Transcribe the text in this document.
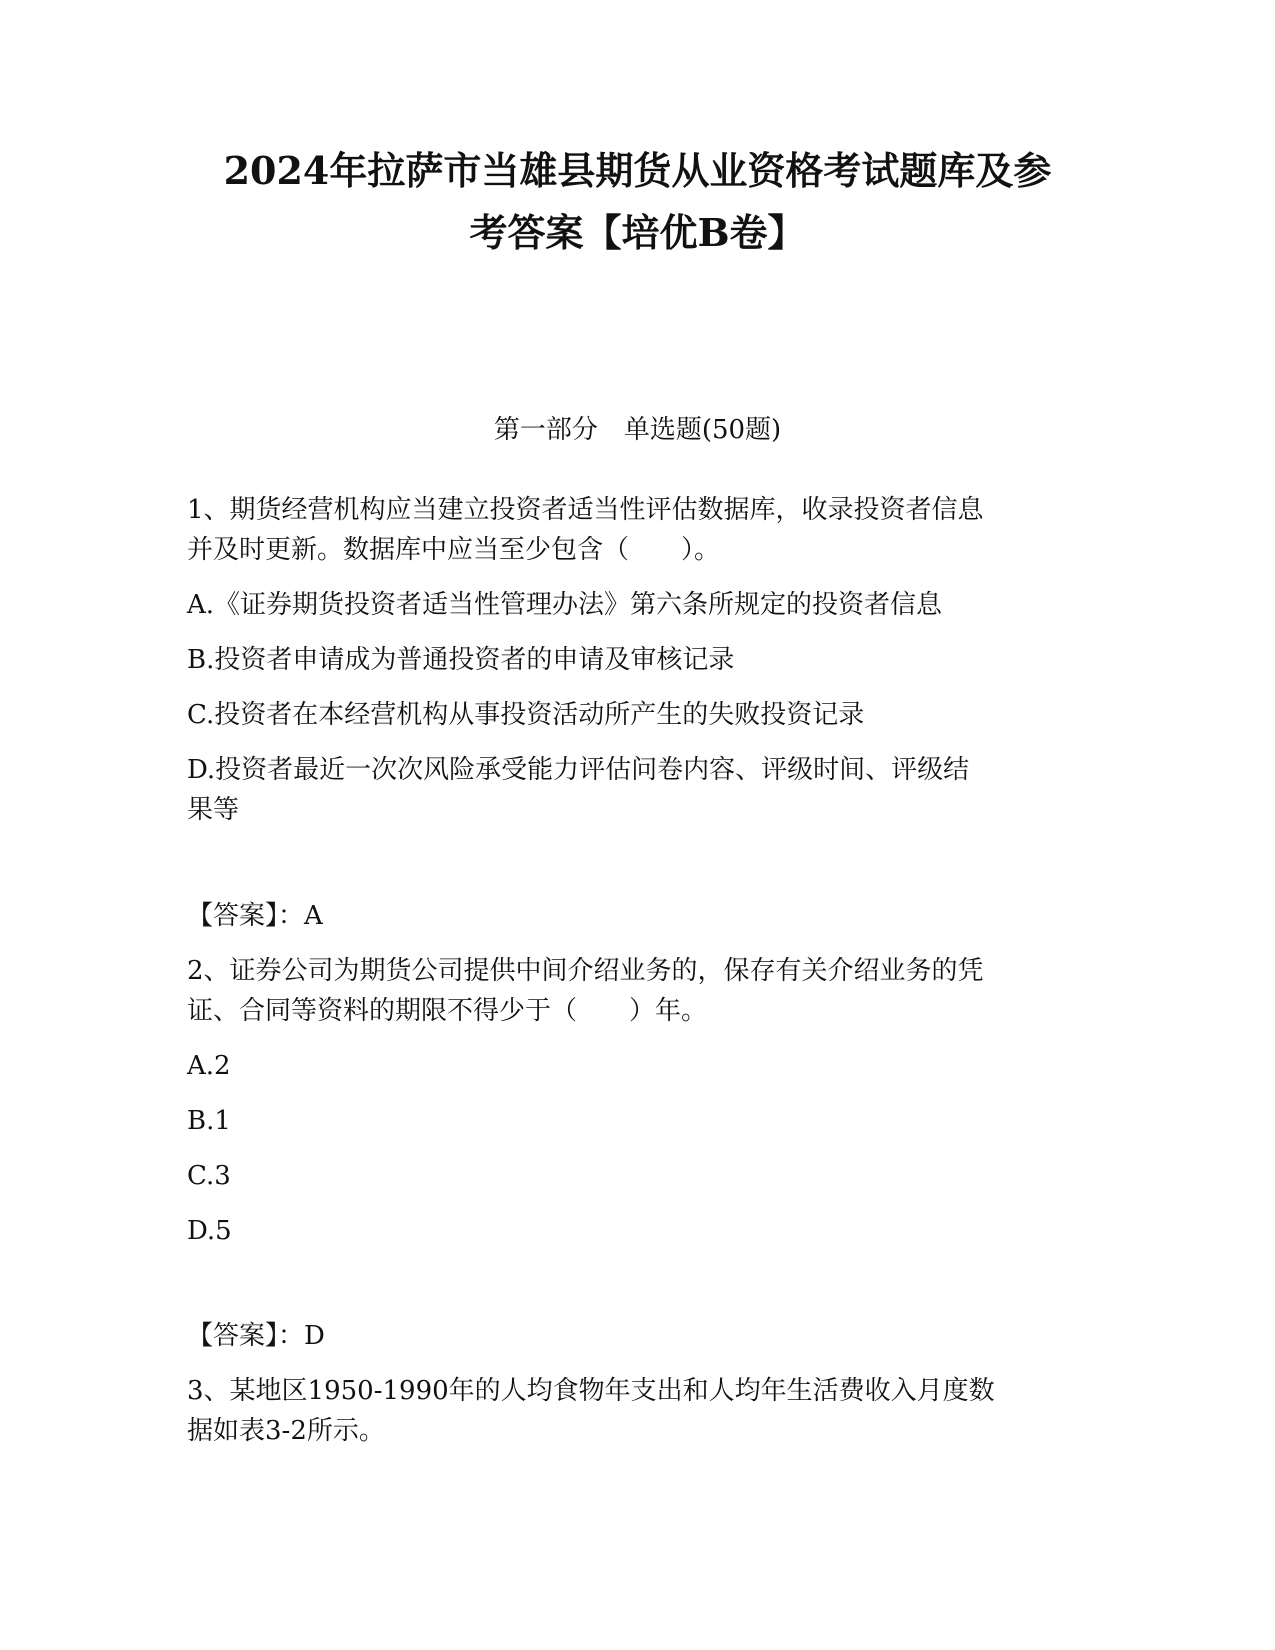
2024年拉萨市当雄县期货从业资格考试题库及参
考答案【培优B卷】
第一部分　单选题(50题)
1、期货经营机构应当建立投资者适当性评估数据库，收录投资者信息
并及时更新。数据库中应当至少包含（　　）。
A.《证券期货投资者适当性管理办法》第六条所规定的投资者信息
B.投资者申请成为普通投资者的申请及审核记录
C.投资者在本经营机构从事投资活动所产生的失败投资记录
D.投资者最近一次次风险承受能力评估问卷内容、评级时间、评级结
果等
【答案】：A
2、证券公司为期货公司提供中间介绍业务的，保存有关介绍业务的凭
证、合同等资料的期限不得少于（　　）年。
A.2
B.1
C.3
D.5
【答案】：D
3、某地区1950-1990年的人均食物年支出和人均年生活费收入月度数
据如表3-2所示。
